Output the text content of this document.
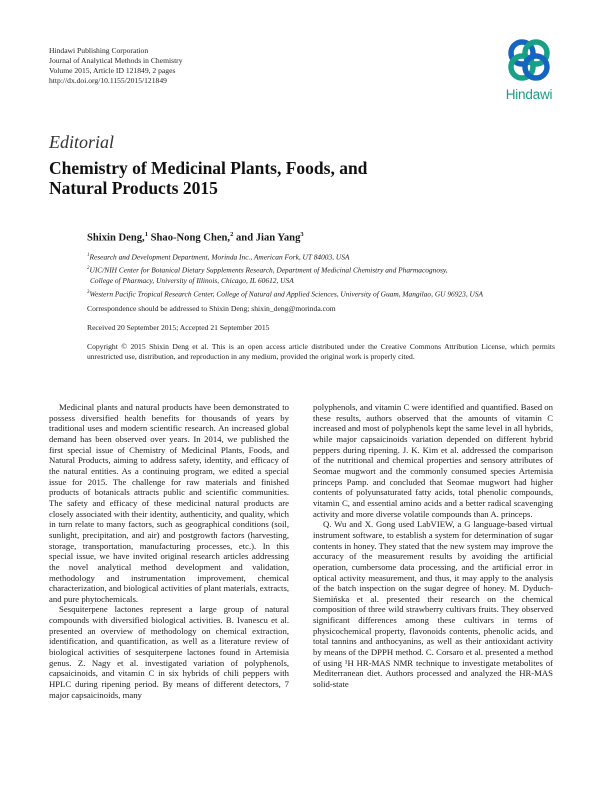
Hindawi Publishing Corporation
Journal of Analytical Methods in Chemistry
Volume 2015, Article ID 121849, 2 pages
http://dx.doi.org/10.1155/2015/121849
Hindawi
Editorial
Chemistry of Medicinal Plants, Foods, and Natural Products 2015
Shixin Deng,$^1$ Shao-Nong Chen,$^2$ and Jian Yang$^3$
$^1$Research and Development Department, Morinda Inc., American Fork, UT 84003, USA
$^2$UIC/NIH Center for Botanical Dietary Supplements Research, Department of Medicinal Chemistry and Pharmacognosy,
College of Pharmacy, University of Illinois, Chicago, IL 60612, USA
$^3$Western Pacific Tropical Research Center, College of Natural and Applied Sciences, University of Guam, Mangilao, GU 96923, USA
Correspondence should be addressed to Shixin Deng; shixin_deng@morinda.com
Received 20 September 2015; Accepted 21 September 2015
Copyright © 2015 Shixin Deng et al. This is an open access article distributed under the Creative Commons Attribution License, which permits unrestricted use, distribution, and reproduction in any medium, provided the original work is properly cited.

Medicinal plants and natural products have been demonstrated to possess diversified health benefits for thousands of years by traditional uses and modern scientific research. An increased global demand has been observed over years. In 2014, we published the first special issue of Chemistry of Medicinal Plants, Foods, and Natural Products, aiming to address safety, identity, and efficacy of the natural entities. As a continuing program, we edited a special issue for 2015. The challenge for raw materials and finished products of botanicals attracts public and scientific communities. The safety and efficacy of these medicinal natural products are closely associated with their identity, authenticity, and quality, which in turn relate to many factors, such as geographical conditions (soil, sunlight, precipitation, and air) and postgrowth factors (harvesting, storage, transportation, manufacturing processes, etc.). In this special issue, we have invited original research articles addressing the novel analytical method development and validation, methodology and instrumentation improvement, chemical characterization, and biological activities of plant materials, extracts, and pure phytochemicals.

Sesquiterpene lactones represent a large group of natural compounds with diversified biological activities. B. Ivanescu et al. presented an overview of methodology on chemical extraction, identification, and quantification, as well as a literature review of biological activities of sesquiterpene lactones found in Artemisia genus. Z. Nagy et al. investigated variation of polyphenols, capsaicinoids, and vitamin C in six hybrids of chili peppers with HPLC during ripening period. By means of different detectors, 7 major capsaicinoids, many

polyphenols, and vitamin C were identified and quantified. Based on these results, authors observed that the amounts of vitamin C increased and most of polyphenols kept the same level in all hybrids, while major capsaicinoids variation depended on different hybrid peppers during ripening. J. K. Kim et al. addressed the comparison of the nutritional and chemical properties and sensory attributes of Seomae mugwort and the commonly consumed species Artemisia princeps Pamp. and concluded that Seomae mugwort had higher contents of polyunsaturated fatty acids, total phenolic compounds, vitamin C, and essential amino acids and a better radical scavenging activity and more diverse volatile compounds than A. princeps.

Q. Wu and X. Gong used LabVIEW, a G language-based virtual instrument software, to establish a system for determination of sugar contents in honey. They stated that the new system may improve the accuracy of the measurement results by avoiding the artificial operation, cumbersome data processing, and the artificial error in optical activity measurement, and thus, it may apply to the analysis of the batch inspection on the sugar degree of honey. M. Dyduch-Siemińska et al. presented their research on the chemical composition of three wild strawberry cultivars fruits. They observed significant differences among these cultivars in terms of physicochemical property, flavonoids contents, phenolic acids, and total tannins and anthocyanins, as well as their antioxidant activity by means of the DPPH method. C. Corsaro et al. presented a method of using ¹H HR-MAS NMR technique to investigate metabolites of Mediterranean diet. Authors processed and analyzed the HR-MAS solid-state
